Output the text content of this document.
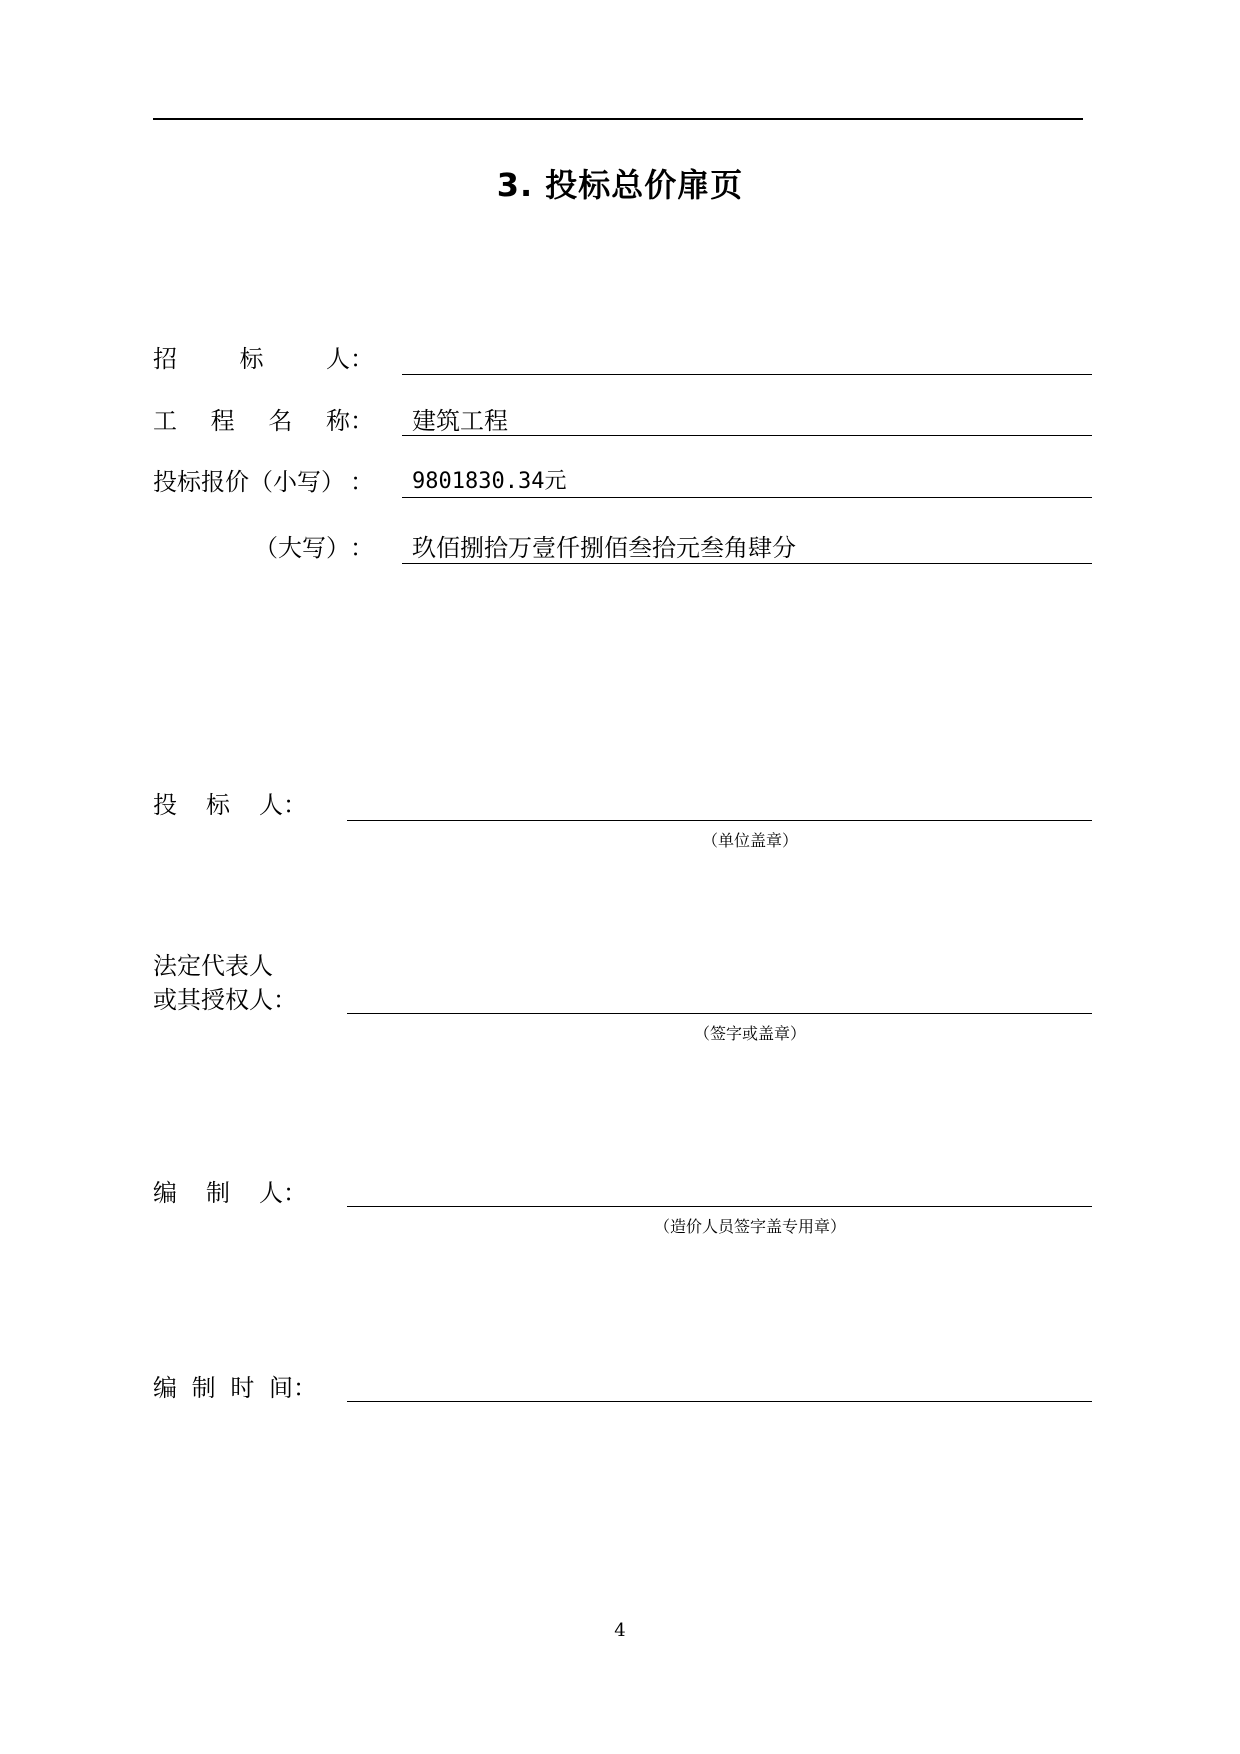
3. 投标总价扉页
招	标	人 ：
工 程 名 称 ： 建筑工程
投标报价（小写） ： 9801830.34元
（大写） ： 玖佰捌拾万壹仟捌佰叁拾元叁角肆分
投 标 人 ：
（单位盖章）
法定代表人
或其授权人 ：
（签字或盖章）
编 制 人 ：
（造价人员签字盖专用章）
编 制 时 间 ：
4
